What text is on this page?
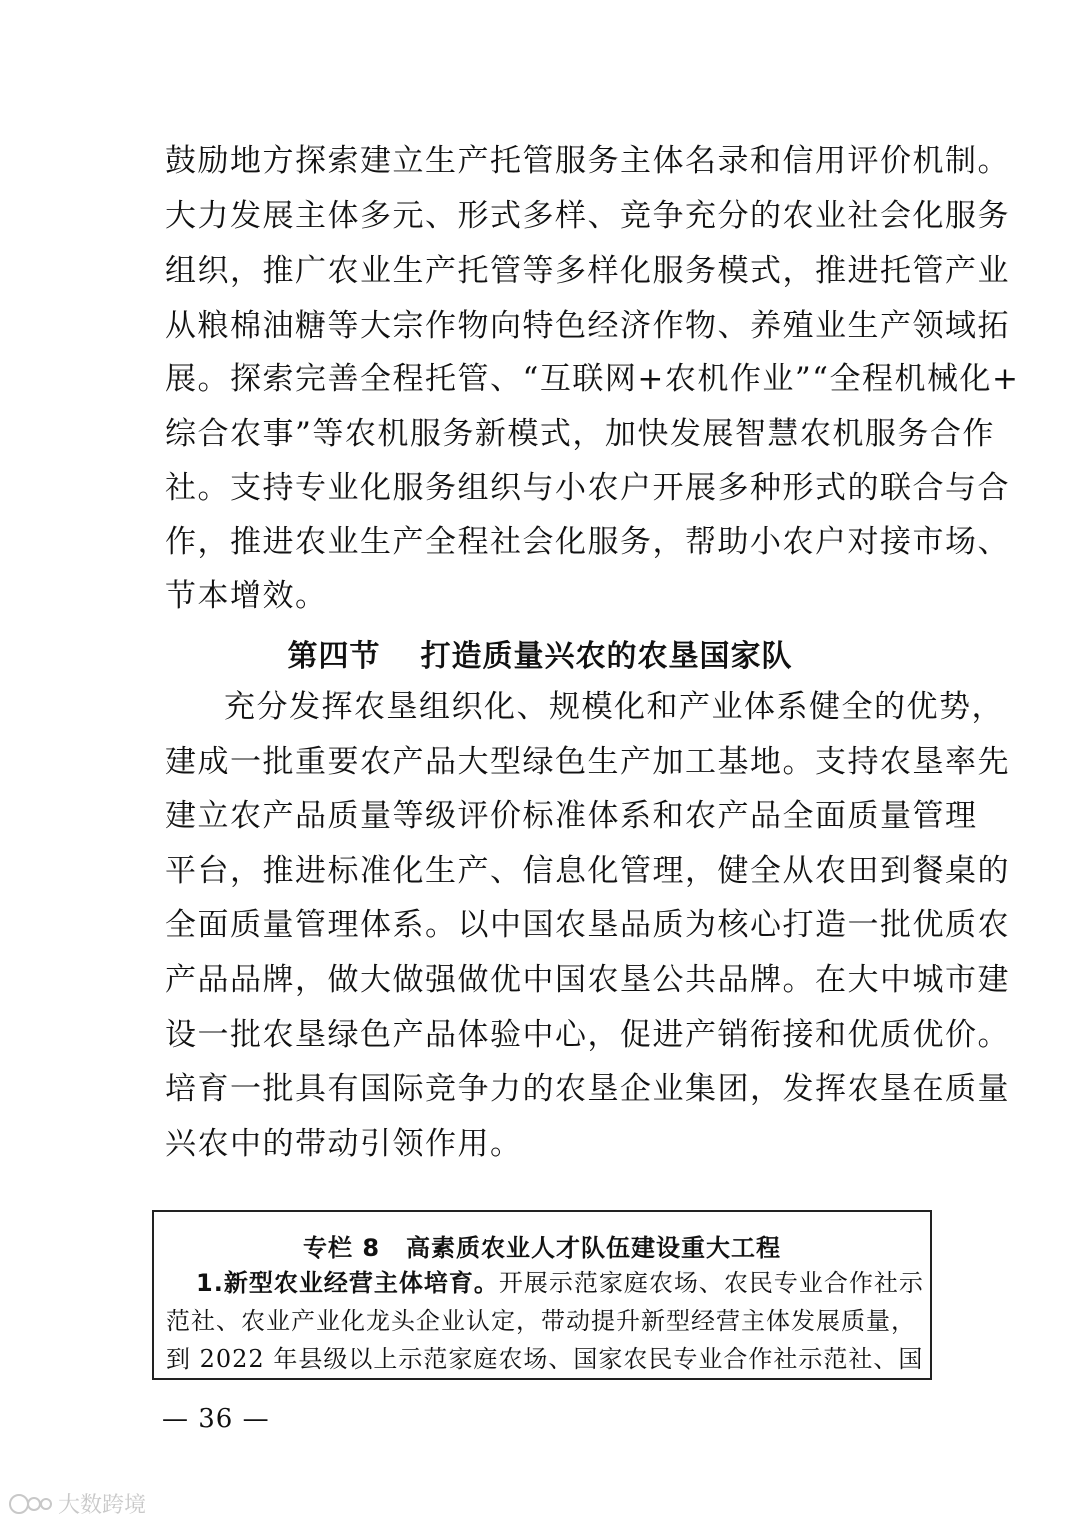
鼓励地方探索建立生产托管服务主体名录和信用评价机制。
大力发展主体多元、形式多样、竞争充分的农业社会化服务
组织，推广农业生产托管等多样化服务模式，推进托管产业
从粮棉油糖等大宗作物向特色经济作物、养殖业生产领域拓
展。探索完善全程托管、“互联网+农机作业”“全程机械化+
综合农事”等农机服务新模式，加快发展智慧农机服务合作
社。支持专业化服务组织与小农户开展多种形式的联合与合
作，推进农业生产全程社会化服务，帮助小农户对接市场、
节本增效。
第四节 打造质量兴农的农垦国家队
充分发挥农垦组织化、规模化和产业体系健全的优势，
建成一批重要农产品大型绿色生产加工基地。支持农垦率先
建立农产品质量等级评价标准体系和农产品全面质量管理
平台，推进标准化生产、信息化管理，健全从农田到餐桌的
全面质量管理体系。以中国农垦品质为核心打造一批优质农
产品品牌，做大做强做优中国农垦公共品牌。在大中城市建
设一批农垦绿色产品体验中心，促进产销衔接和优质优价。
培育一批具有国际竞争力的农垦企业集团，发挥农垦在质量
兴农中的带动引领作用。
专栏 8 高素质农业人才队伍建设重大工程
1.新型农业经营主体培育。开展示范家庭农场、农民专业合作社示
范社、农业产业化龙头企业认定，带动提升新型经营主体发展质量，
到 2022 年县级以上示范家庭农场、国家农民专业合作社示范社、国
— 36 —
大数跨境
